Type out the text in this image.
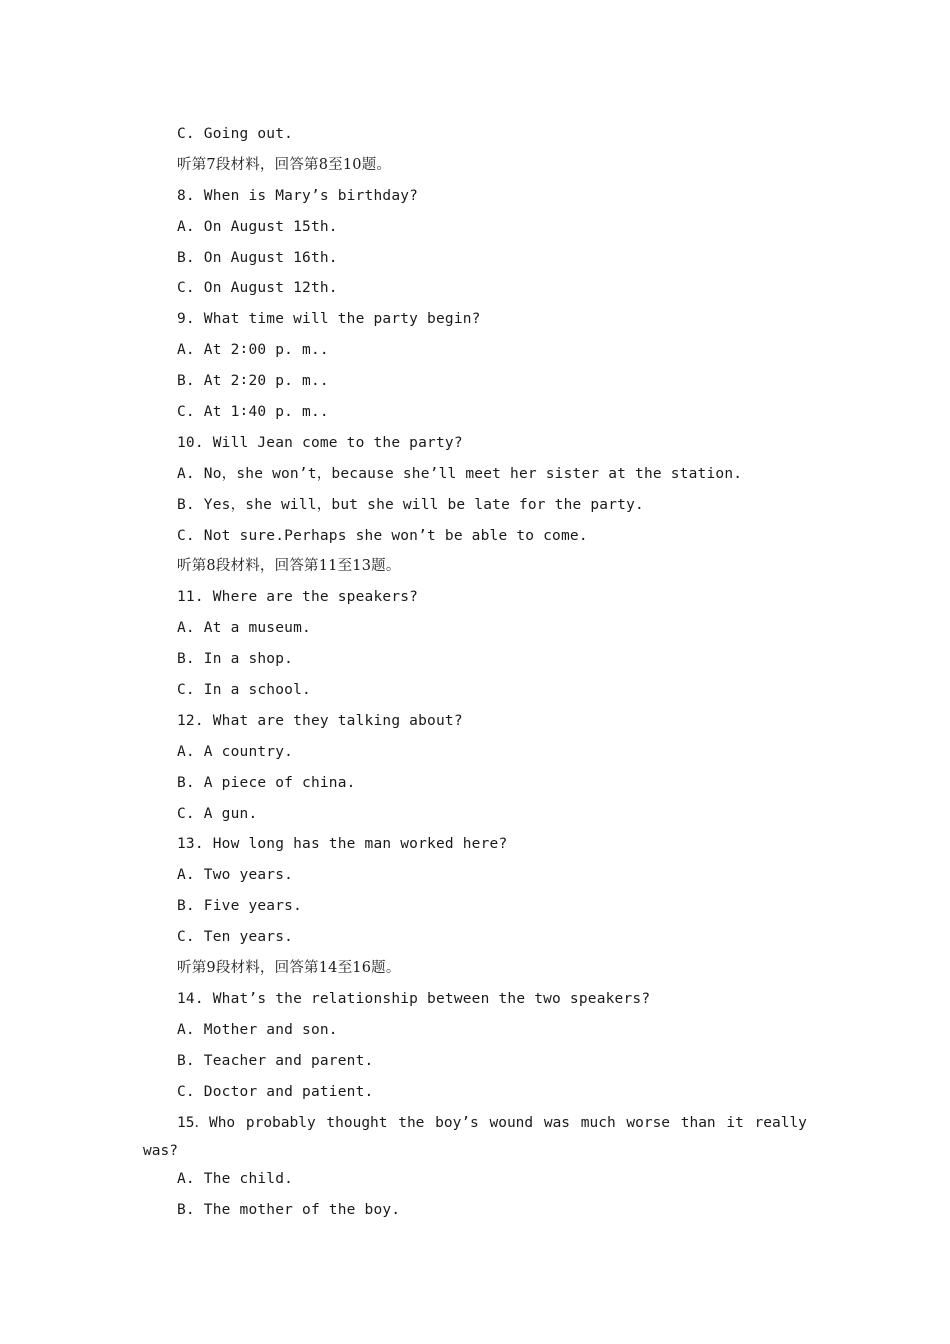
C. Going out.
听第7段材料，回答第8至10题。
8. When is Mary’s birthday?
A. On August 15th.
B. On August 16th.
C. On August 12th.
9. What time will the party begin?
A. At 2∶00 p. m..
B. At 2∶20 p. m..
C. At 1∶40 p. m..
10. Will Jean come to the party?
A. No，she won’t，because she’ll meet her sister at the station.
B. Yes，she will，but she will be late for the party.
C. Not sure.Perhaps she won’t be able to come.
听第8段材料，回答第11至13题。
11. Where are the speakers?
A. At a museum.
B. In a shop.
C. In a school.
12. What are they talking about?
A. A country.
B. A piece of china.
C. A gun.
13. How long has the man worked here?
A. Two years.
B. Five years.
C. Ten years.
听第9段材料，回答第14至16题。
14. What’s the relationship between the two speakers?
A. Mother and son.
B. Teacher and parent.
C. Doctor and patient.
15．Who probably thought the boy’s wound was much worse than it really
was?
A. The child.
B. The mother of the boy.
